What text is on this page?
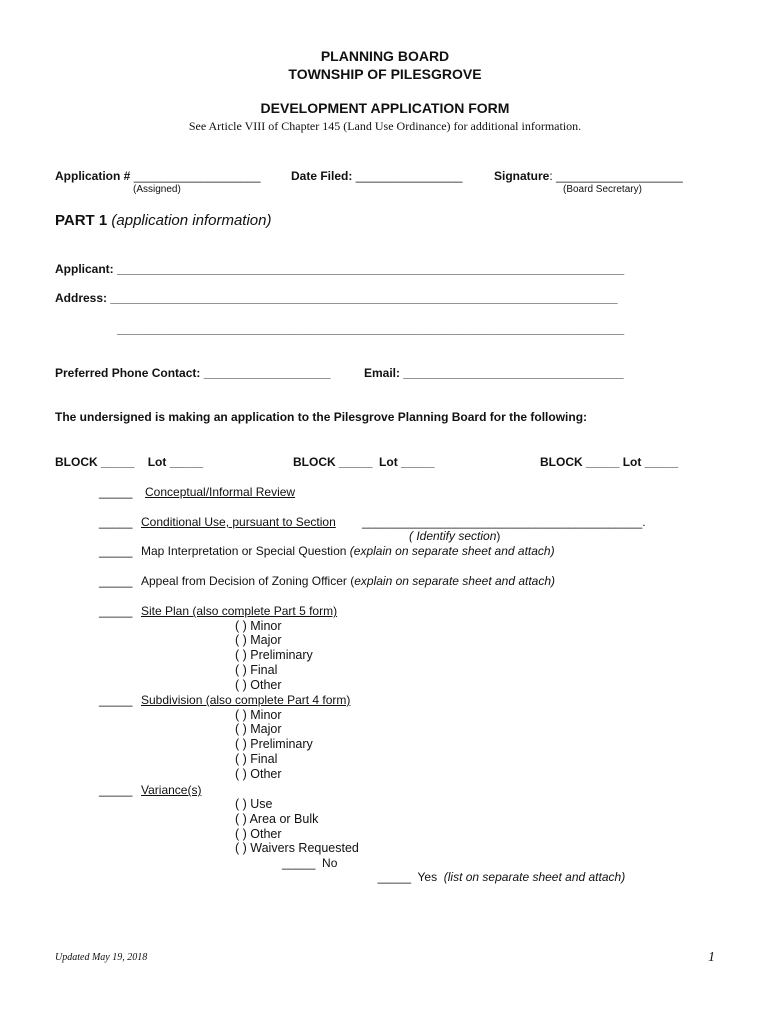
PLANNING BOARD
TOWNSHIP OF PILESGROVE
DEVELOPMENT APPLICATION FORM
See Article VIII of Chapter 145 (Land Use Ordinance) for additional information.
Application # ___________________
(Assigned)
Date Filed: ________________	Signature: ___________________
(Board Secretary)
PART 1 (application information)
Applicant: ____________________________________________________________________________
Address: ____________________________________________________________________________
____________________________________________________________________________
Preferred Phone Contact: ___________________	Email: _________________________________
The undersigned is making an application to the Pilesgrove Planning Board for the following:
BLOCK _____    Lot _____	BLOCK _____  Lot _____	BLOCK _____ Lot _____
_____ Conceptual/Informal Review
_____ Conditional Use, pursuant to Section __________________________________________.
( Identify section)
_____ Map Interpretation or Special Question (explain on separate sheet and attach)
_____ Appeal from Decision of Zoning Officer (explain on separate sheet and attach)
_____ Site Plan (also complete Part 5 form)
( ) Minor
( ) Major
( ) Preliminary
( ) Final
( ) Other
_____ Subdivision (also complete Part 4 form)
( ) Minor
( ) Major
( ) Preliminary
( ) Final
( ) Other
_____ Variance(s)
( ) Use
( ) Area or Bulk
( ) Other
( ) Waivers Requested
_____  No

_____  Yes  (list on separate sheet and attach)

Updated May 19, 2018	1
